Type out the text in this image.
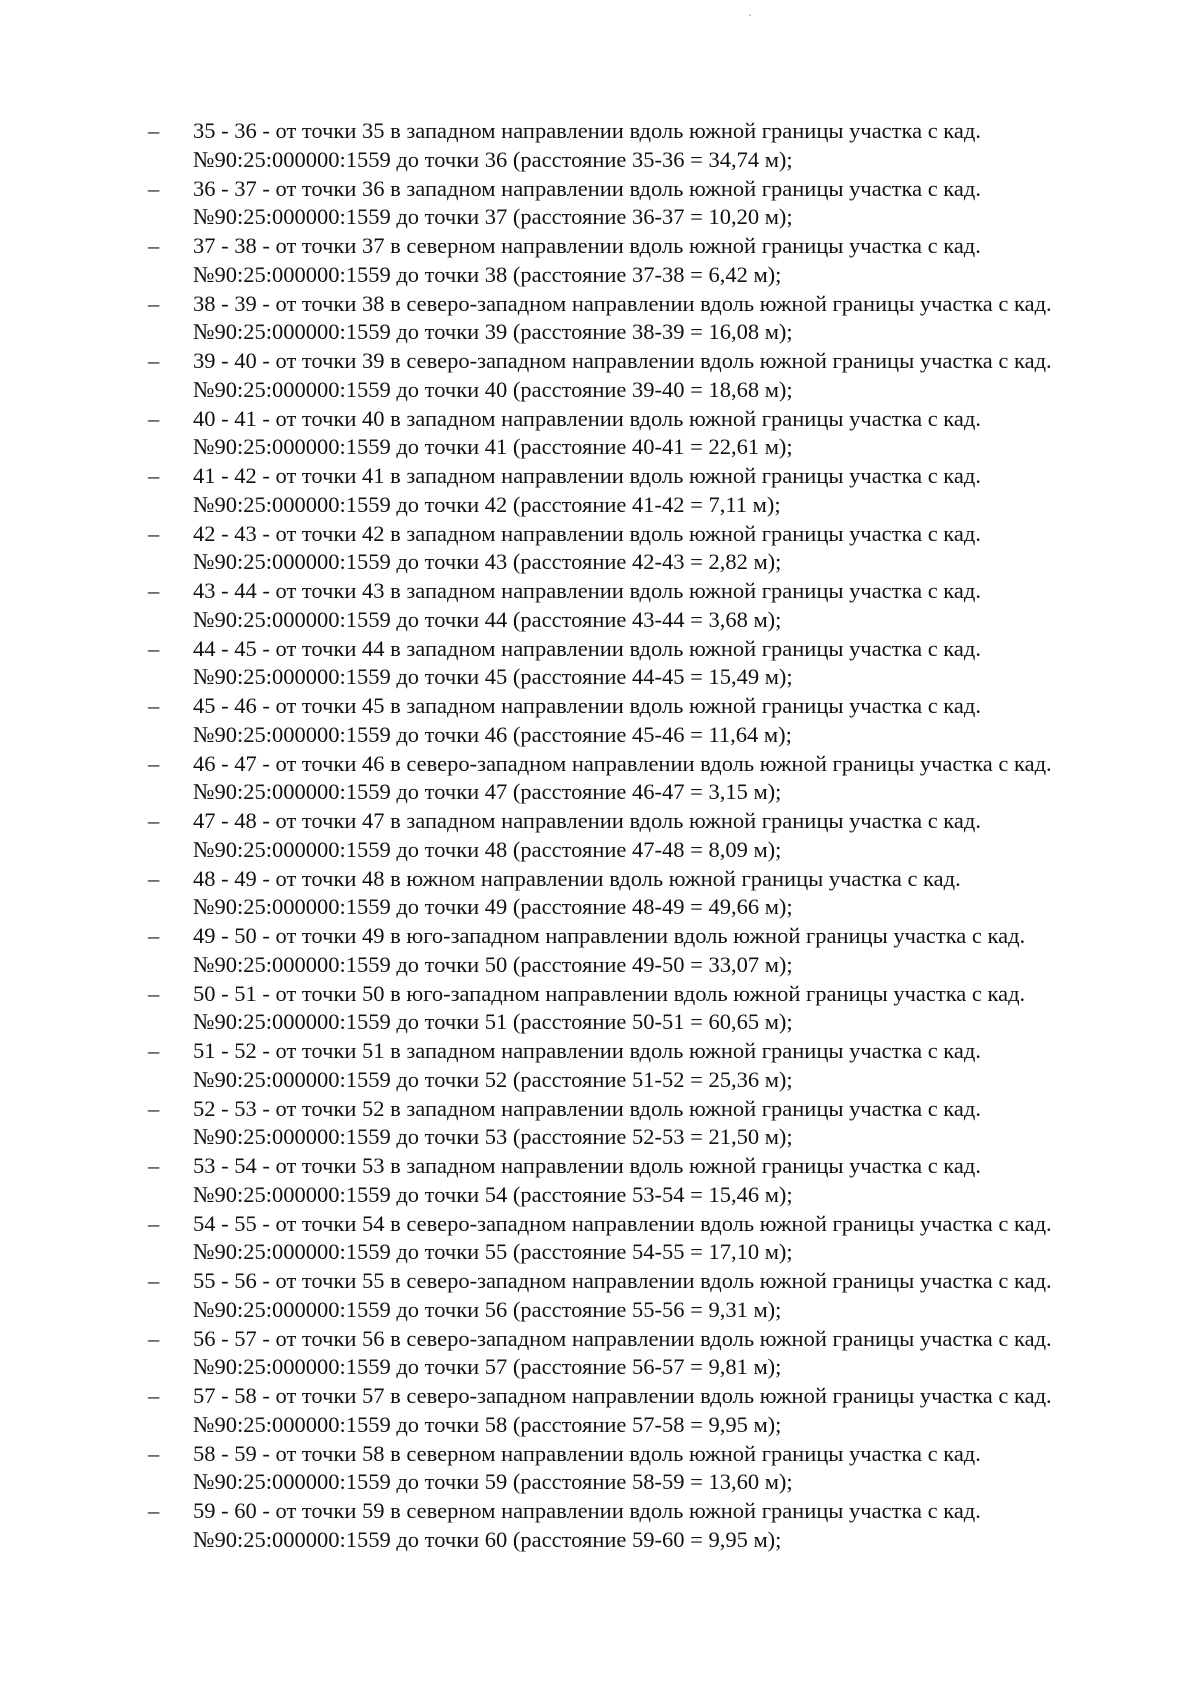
–	35 - 36 - от точки 35 в западном направлении вдоль южной границы участка с кад.
№90:25:000000:1559 до точки 36 (расстояние 35-36 = 34,74 м);
–	36 - 37 - от точки 36 в западном направлении вдоль южной границы участка с кад.
№90:25:000000:1559 до точки 37 (расстояние 36-37 = 10,20 м);
–	37 - 38 - от точки 37 в северном направлении вдоль южной границы участка с кад.
№90:25:000000:1559 до точки 38 (расстояние 37-38 = 6,42 м);
–	38 - 39 - от точки 38 в северо-западном направлении вдоль южной границы участка с кад.
№90:25:000000:1559 до точки 39 (расстояние 38-39 = 16,08 м);
–	39 - 40 - от точки 39 в северо-западном направлении вдоль южной границы участка с кад.
№90:25:000000:1559 до точки 40 (расстояние 39-40 = 18,68 м);
–	40 - 41 - от точки 40 в западном направлении вдоль южной границы участка с кад.
№90:25:000000:1559 до точки 41 (расстояние 40-41 = 22,61 м);
–	41 - 42 - от точки 41 в западном направлении вдоль южной границы участка с кад.
№90:25:000000:1559 до точки 42 (расстояние 41-42 = 7,11 м);
–	42 - 43 - от точки 42 в западном направлении вдоль южной границы участка с кад.
№90:25:000000:1559 до точки 43 (расстояние 42-43 = 2,82 м);
–	43 - 44 - от точки 43 в западном направлении вдоль южной границы участка с кад.
№90:25:000000:1559 до точки 44 (расстояние 43-44 = 3,68 м);
–	44 - 45 - от точки 44 в западном направлении вдоль южной границы участка с кад.
№90:25:000000:1559 до точки 45 (расстояние 44-45 = 15,49 м);
–	45 - 46 - от точки 45 в западном направлении вдоль южной границы участка с кад.
№90:25:000000:1559 до точки 46 (расстояние 45-46 = 11,64 м);
–	46 - 47 - от точки 46 в северо-западном направлении вдоль южной границы участка с кад.
№90:25:000000:1559 до точки 47 (расстояние 46-47 = 3,15 м);
–	47 - 48 - от точки 47 в западном направлении вдоль южной границы участка с кад.
№90:25:000000:1559 до точки 48 (расстояние 47-48 = 8,09 м);
–	48 - 49 - от точки 48 в южном направлении вдоль южной границы участка с кад.
№90:25:000000:1559 до точки 49 (расстояние 48-49 = 49,66 м);
–	49 - 50 - от точки 49 в юго-западном направлении вдоль южной границы участка с кад.
№90:25:000000:1559 до точки 50 (расстояние 49-50 = 33,07 м);
–	50 - 51 - от точки 50 в юго-западном направлении вдоль южной границы участка с кад.
№90:25:000000:1559 до точки 51 (расстояние 50-51 = 60,65 м);
–	51 - 52 - от точки 51 в западном направлении вдоль южной границы участка с кад.
№90:25:000000:1559 до точки 52 (расстояние 51-52 = 25,36 м);
–	52 - 53 - от точки 52 в западном направлении вдоль южной границы участка с кад.
№90:25:000000:1559 до точки 53 (расстояние 52-53 = 21,50 м);
–	53 - 54 - от точки 53 в западном направлении вдоль южной границы участка с кад.
№90:25:000000:1559 до точки 54 (расстояние 53-54 = 15,46 м);
–	54 - 55 - от точки 54 в северо-западном направлении вдоль южной границы участка с кад.
№90:25:000000:1559 до точки 55 (расстояние 54-55 = 17,10 м);
–	55 - 56 - от точки 55 в северо-западном направлении вдоль южной границы участка с кад.
№90:25:000000:1559 до точки 56 (расстояние 55-56 = 9,31 м);
–	56 - 57 - от точки 56 в северо-западном направлении вдоль южной границы участка с кад.
№90:25:000000:1559 до точки 57 (расстояние 56-57 = 9,81 м);
–	57 - 58 - от точки 57 в северо-западном направлении вдоль южной границы участка с кад.
№90:25:000000:1559 до точки 58 (расстояние 57-58 = 9,95 м);
–	58 - 59 - от точки 58 в северном направлении вдоль южной границы участка с кад.
№90:25:000000:1559 до точки 59 (расстояние 58-59 = 13,60 м);
–	59 - 60 - от точки 59 в северном направлении вдоль южной границы участка с кад.
№90:25:000000:1559 до точки 60 (расстояние 59-60 = 9,95 м);
